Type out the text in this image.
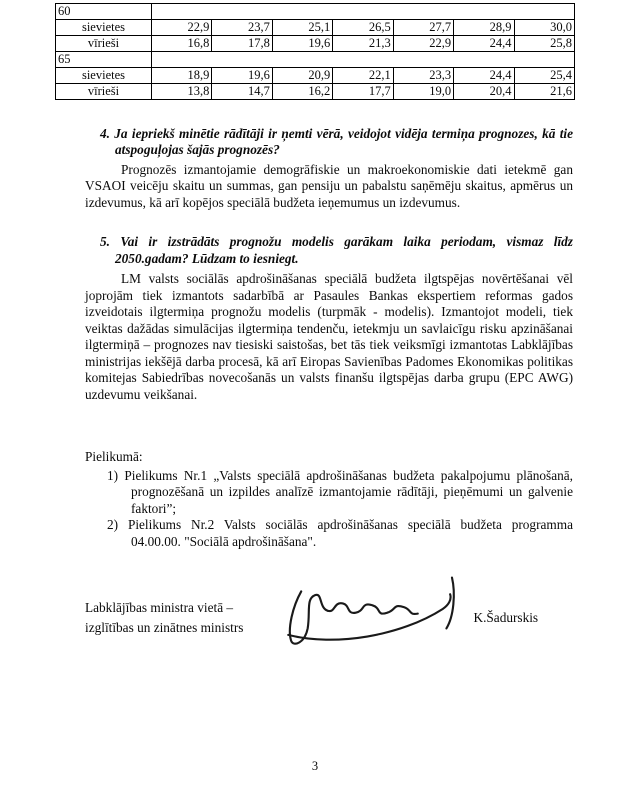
60							
sievietes	22,9	23,7	25,1	26,5	27,7	28,9	30,0
vīrieši	16,8	17,8	19,6	21,3	22,9	24,4	25,8
65							
sievietes	18,9	19,6	20,9	22,1	23,3	24,4	25,4
vīrieši	13,8	14,7	16,2	17,7	19,0	20,4	21,6
4. Ja iepriekš minētie rādītāji ir ņemti vērā, veidojot vidēja termiņa prognozes, kā tie atspoguļojas šajās prognozēs?
Prognozēs izmantojamie demogrāfiskie un makroekonomiskie dati ietekmē gan VSAOI veicēju skaitu un summas, gan pensiju un pabalstu saņēmēju skaitus, apmērus un izdevumus, kā arī kopējos speciālā budžeta ieņemumus un izdevumus.
5. Vai ir izstrādāts prognožu modelis garākam laika periodam, vismaz līdz 2050.gadam? Lūdzam to iesniegt.
LM valsts sociālās apdrošināšanas speciālā budžeta ilgtspējas novērtēšanai vēl joprojām tiek izmantots sadarbībā ar Pasaules Bankas ekspertiem reformas gados izveidotais ilgtermiņa prognožu modelis (turpmāk - modelis). Izmantojot modeli, tiek veiktas dažādas simulācijas ilgtermiņa tendenču, ietekmju un savlaicīgu risku apzināšanai ilgtermiņā – prognozes nav tiesiski saistošas, bet tās tiek veiksmīgi izmantotas Labklājības ministrijas iekšējā darba procesā, kā arī Eiropas Savienības Padomes Ekonomikas politikas komitejas Sabiedrības novecošanās un valsts finanšu ilgtspējas darba grupu (EPC AWG) uzdevumu veikšanai.
Pielikumā:
1) Pielikums Nr.1 „Valsts speciālā apdrošināšanas budžeta pakalpojumu plānošanā, prognozēšanā un izpildes analīzē izmantojamie rādītāji, pieņēmumi un galvenie faktori”;
2) Pielikums Nr.2 Valsts sociālās apdrošināšanas speciālā budžeta programma 04.00.00. "Sociālā apdrošināšana".
Labklājības ministra vietā –
izglītības un zinātnes ministrs
K.Šadurskis
3
